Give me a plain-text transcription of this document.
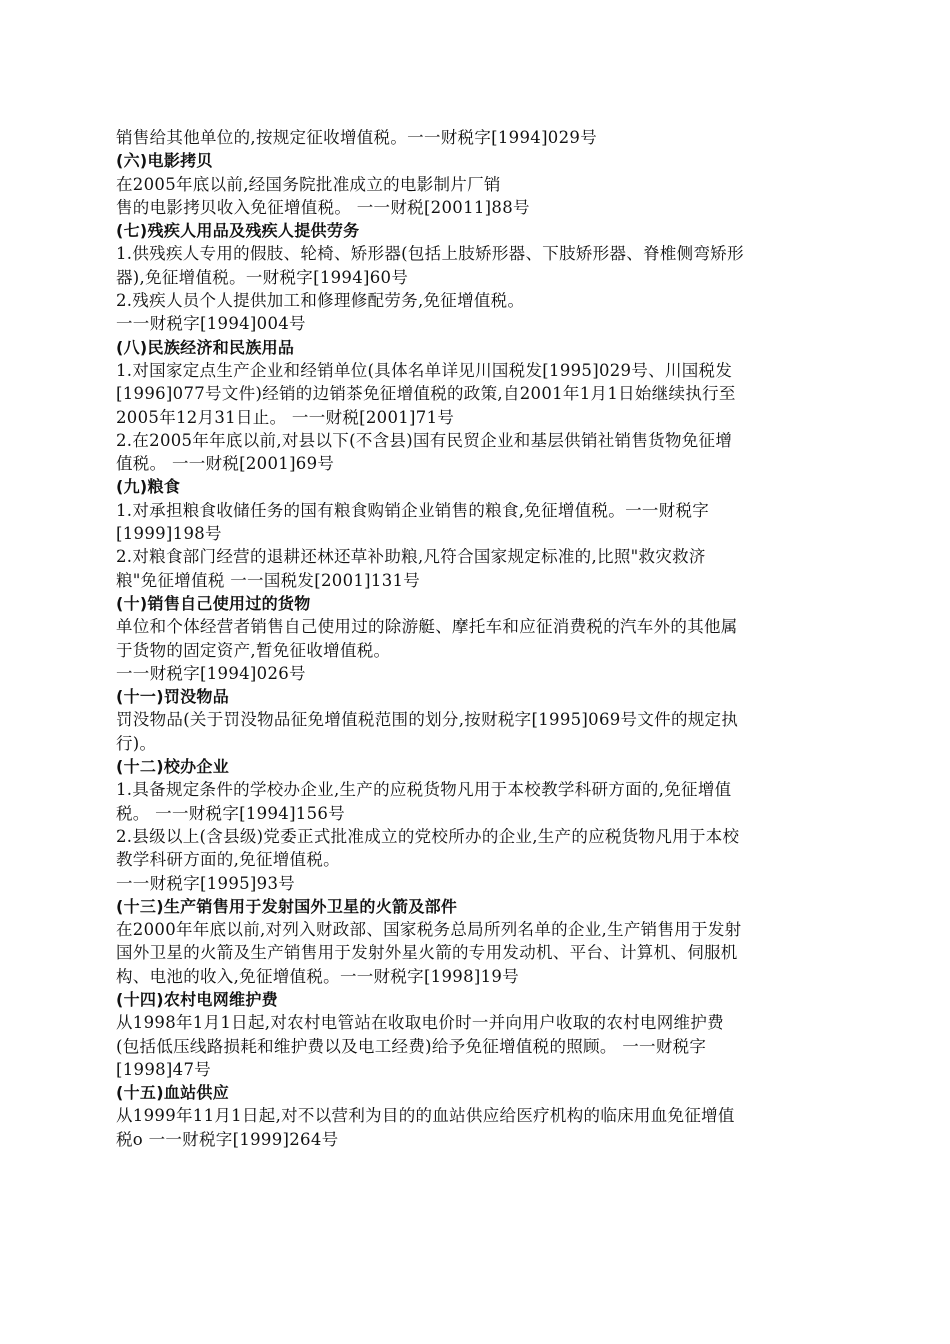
销售给其他单位的,按规定征收增值税。一一财税字[1994]029号
(六)电影拷贝
在2005年底以前,经国务院批准成立的电影制片厂销
售的电影拷贝收入免征增值税。 一一财税[20011]88号
(七)残疾人用品及残疾人提供劳务
1.供残疾人专用的假肢、轮椅、矫形器(包括上肢矫形器、下肢矫形器、脊椎侧弯矫形
器),免征增值税。一财税字[1994]60号
2.残疾人员个人提供加工和修理修配劳务,免征增值税。
一一财税字[1994]004号
(八)民族经济和民族用品
1.对国家定点生产企业和经销单位(具体名单详见川国税发[1995]029号、川国税发
[1996]077号文件)经销的边销茶免征增值税的政策,自2001年1月1日始继续执行至
2005年12月31日止。 一一财税[2001]71号
2.在2005年年底以前,对县以下(不含县)国有民贸企业和基层供销社销售货物免征增
值税。 一一财税[2001]69号
(九)粮食
1.对承担粮食收储任务的国有粮食购销企业销售的粮食,免征增值税。一一财税字
[1999]198号
2.对粮食部门经营的退耕还林还草补助粮,凡符合国家规定标准的,比照"救灾救济
粮"免征增值税 一一国税发[2001]131号
(十)销售自己使用过的货物
单位和个体经营者销售自己使用过的除游艇、摩托车和应征消费税的汽车外的其他属
于货物的固定资产,暂免征收增值税。
一一财税字[1994]026号
(十一)罚没物品
罚没物品(关于罚没物品征免增值税范围的划分,按财税字[1995]069号文件的规定执
行)。
(十二)校办企业
1.具备规定条件的学校办企业,生产的应税货物凡用于本校教学科研方面的,免征增值
税。 一一财税字[1994]156号
2.县级以上(含县级)党委正式批准成立的党校所办的企业,生产的应税货物凡用于本校
教学科研方面的,免征增值税。
一一财税字[1995]93号
(十三)生产销售用于发射国外卫星的火箭及部件
在2000年年底以前,对列入财政部、国家税务总局所列名单的企业,生产销售用于发射
国外卫星的火箭及生产销售用于发射外星火箭的专用发动机、平台、计算机、伺服机
构、电池的收入,免征增值税。一一财税字[1998]19号
(十四)农村电网维护费
从1998年1月1日起,对农村电管站在收取电价时一并向用户收取的农村电网维护费
(包括低压线路损耗和维护费以及电工经费)给予免征增值税的照顾。 一一财税字
[1998]47号
(十五)血站供应
从1999年11月1日起,对不以营利为目的的血站供应给医疗机构的临床用血免征增值
税o 一一财税字[1999]264号
